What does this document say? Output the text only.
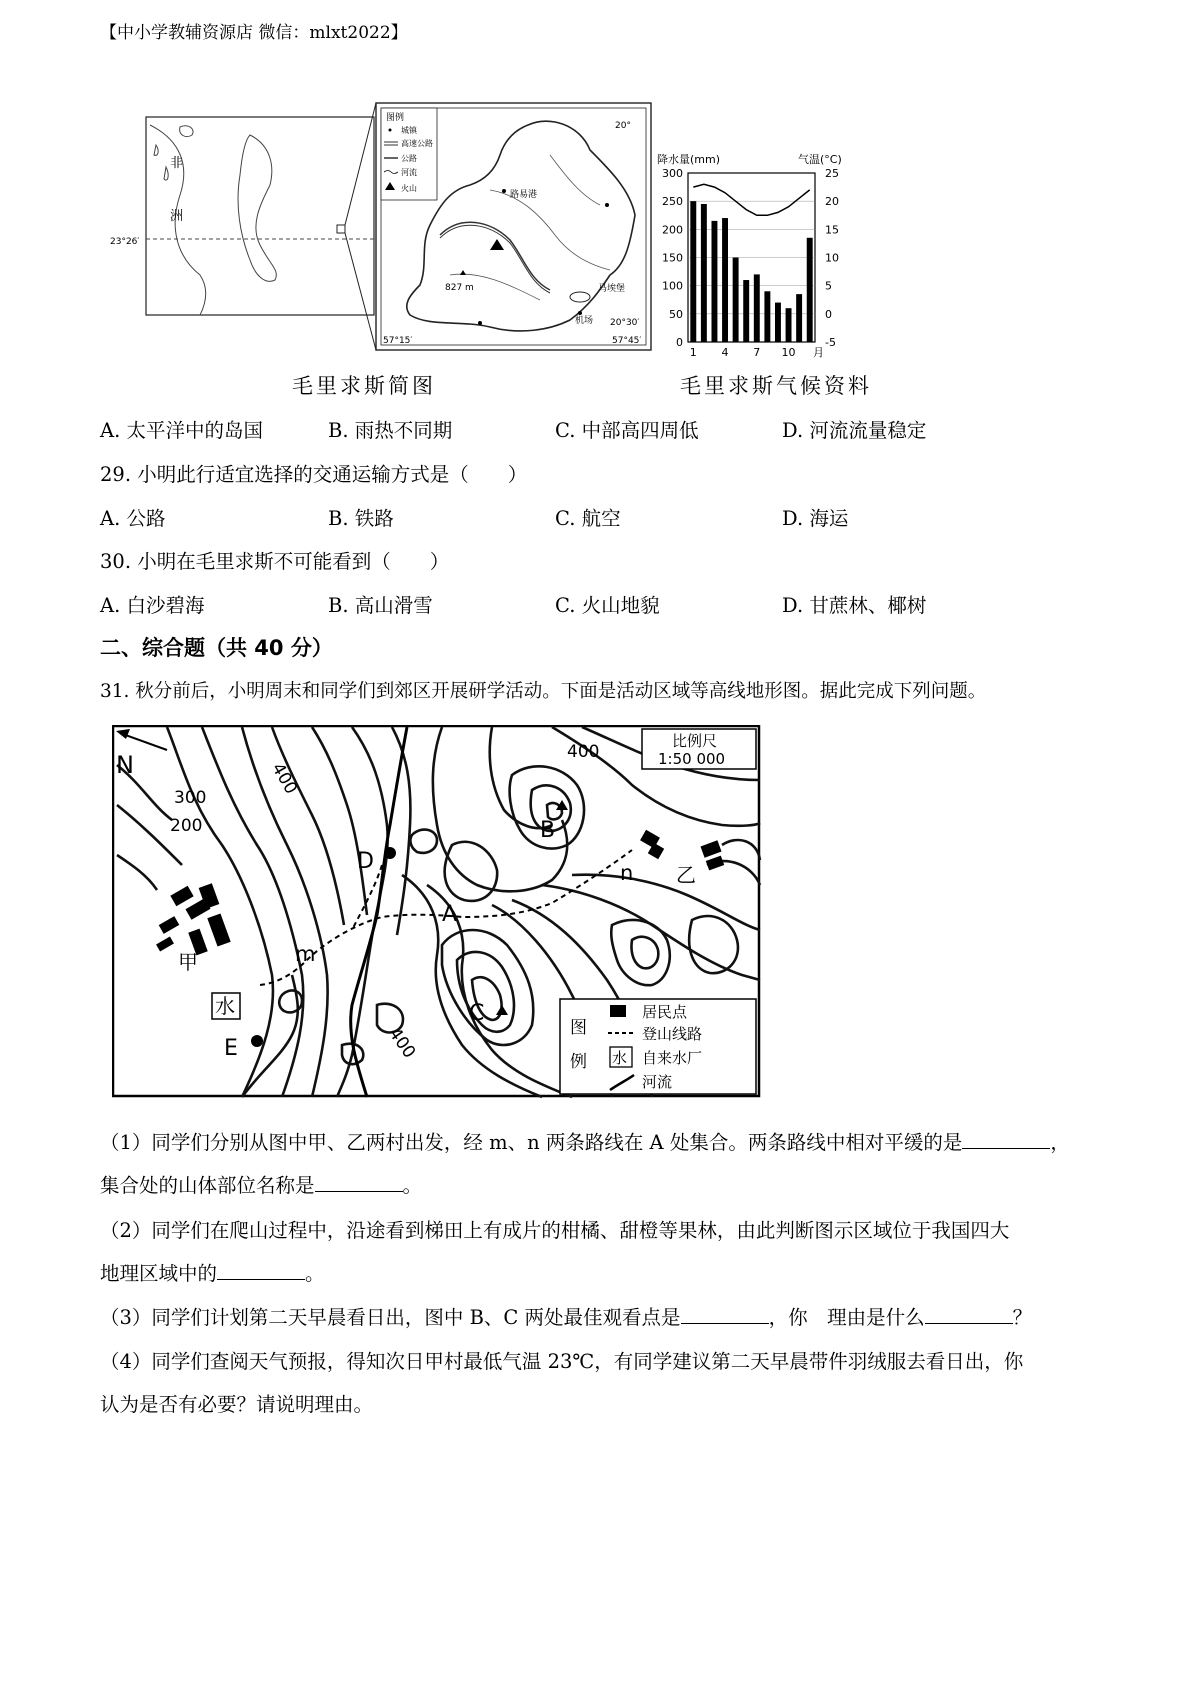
【中小学教辅资源店 微信：mlxt2022】
非
洲
23°26′
图例
城镇
高速公路
公路
河流
火山
20°
20°30′
57°15′	57°45′
路易港
827 m	马埃堡
机场
降水量(mm)	气温(°C)
0
50
100
150
200
250
300
-5
0
5
10
15
20
25
1 4 7 10 月
毛里求斯简图	毛里求斯气候资料
A. 太平洋中的岛国	B. 雨热不同期	C. 中部高四周低	D. 河流流量稳定
29. 小明此行适宜选择的交通运输方式是（　　）
A. 公路	B. 铁路	C. 航空	D. 海运
30. 小明在毛里求斯不可能看到（　　）
A. 白沙碧海	B. 高山滑雪	C. 火山地貌	D. 甘蔗林、椰树
二、综合题（共 40 分）
31. 秋分前后，小明周末和同学们到郊区开展研学活动。下面是活动区域等高线地形图。据此完成下列问题。
水
比例尺
1:50 000
N
300
200
400
400
400
B
C
D
A
E
m
n
甲
乙
图
例
居民点
登山线路
水 自来水厂
河流
（1）同学们分别从图中甲、乙两村出发，经 m、n 两条路线在 A 处集合。两条路线中相对平缓的是	，
集合处的山体部位名称是	。
（2）同学们在爬山过程中，沿途看到梯田上有成片的柑橘、甜橙等果林，由此判断图示区域位于我国四大
地理区域中的	。
（3）同学们计划第二天早晨看日出，图中 B、C 两处最佳观看点是	，你　理由是什么	？
（4）同学们查阅天气预报，得知次日甲村最低气温 23℃，有同学建议第二天早晨带件羽绒服去看日出，你
认为是否有必要？请说明理由。
